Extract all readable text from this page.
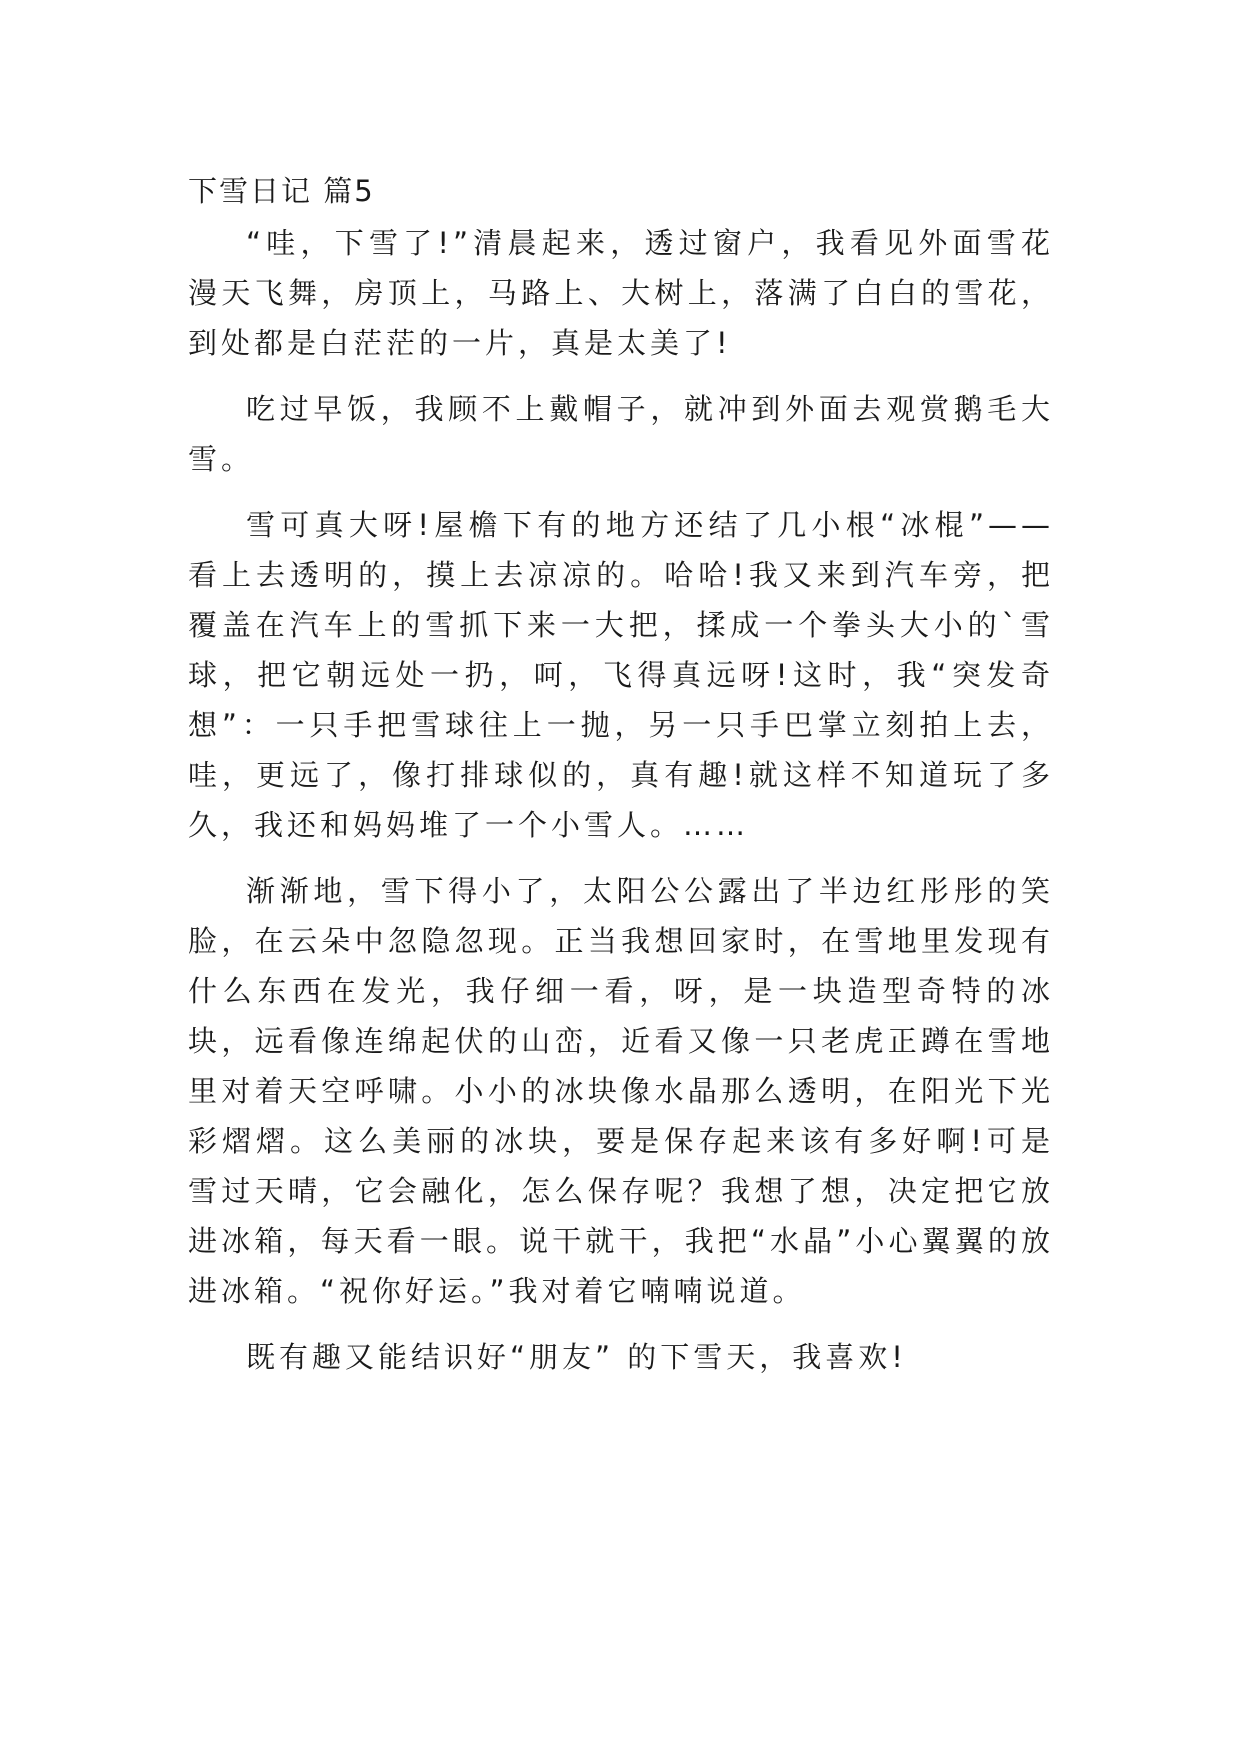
下雪日记 篇5

“哇，下雪了!”清晨起来，透过窗户，我看见外面雪花漫天飞舞，房顶上，马路上、大树上，落满了白白的雪花，到处都是白茫茫的一片，真是太美了!

吃过早饭，我顾不上戴帽子，就冲到外面去观赏鹅毛大雪。

雪可真大呀!屋檐下有的地方还结了几小根“冰棍”——看上去透明的，摸上去凉凉的。哈哈!我又来到汽车旁，把覆盖在汽车上的雪抓下来一大把，揉成一个拳头大小的`雪球，把它朝远处一扔，呵，飞得真远呀!这时，我“突发奇想”：一只手把雪球往上一抛，另一只手巴掌立刻拍上去，哇，更远了，像打排球似的，真有趣!就这样不知道玩了多久，我还和妈妈堆了一个小雪人。……

渐渐地，雪下得小了，太阳公公露出了半边红彤彤的笑脸，在云朵中忽隐忽现。正当我想回家时，在雪地里发现有什么东西在发光，我仔细一看，呀，是一块造型奇特的冰块，远看像连绵起伏的山峦，近看又像一只老虎正蹲在雪地里对着天空呼啸。小小的冰块像水晶那么透明，在阳光下光彩熠熠。这么美丽的冰块，要是保存起来该有多好啊!可是雪过天晴，它会融化，怎么保存呢？我想了想，决定把它放进冰箱，每天看一眼。说干就干，我把“水晶”小心翼翼的放进冰箱。“祝你好运。”我对着它喃喃说道。

既有趣又能结识好“朋友” 的下雪天，我喜欢!
